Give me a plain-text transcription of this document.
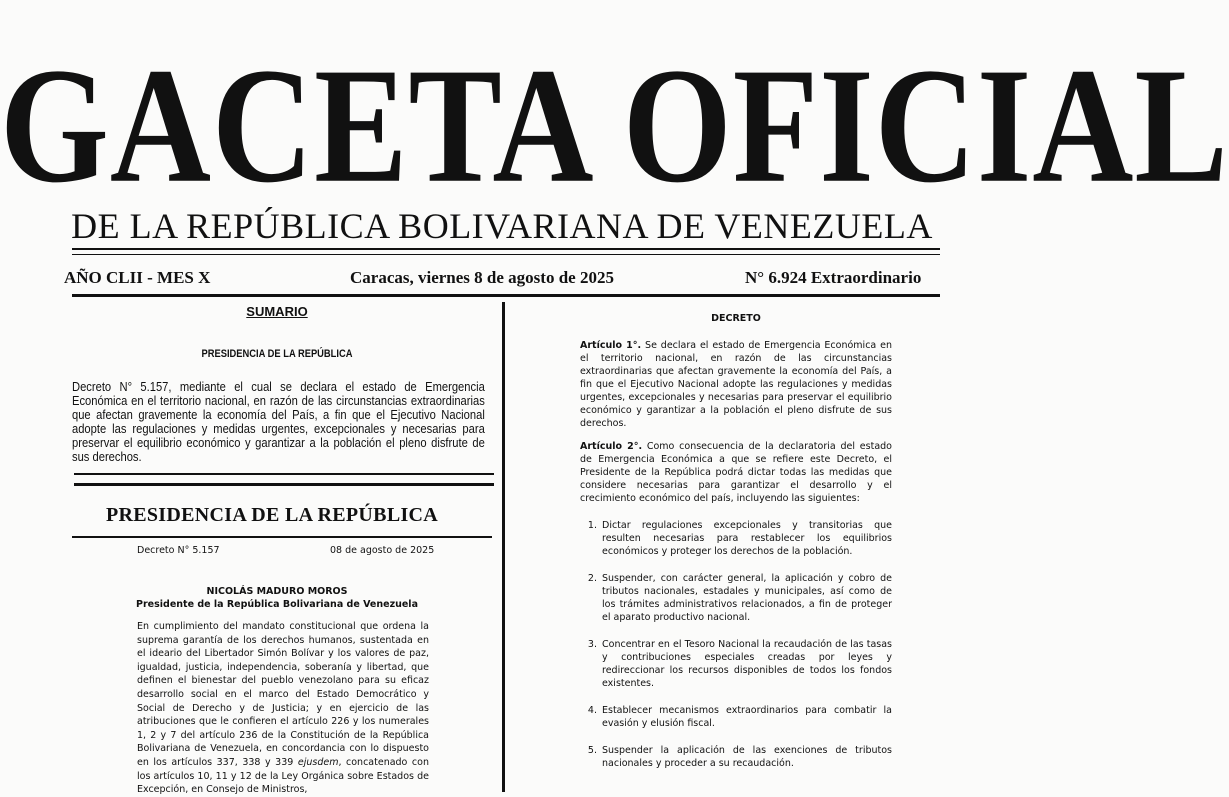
GACETA OFICIAL
DE LA REPÚBLICA BOLIVARIANA DE VENEZUELA
AÑO CLII - MES X	Caracas, viernes 8 de agosto de 2025	N° 6.924 Extraordinario
SUMARIO
PRESIDENCIA DE LA REPÚBLICA
Decreto N° 5.157, mediante el cual se declara el estado de Emergencia Económica en el territorio nacional, en razón de las circunstancias extraordinarias que afectan gravemente la economía del País, a fin que el Ejecutivo Nacional adopte las regulaciones y medidas urgentes, excepcionales y necesarias para preservar el equilibrio económico y garantizar a la población el pleno disfrute de sus derechos.
PRESIDENCIA DE LA REPÚBLICA
Decreto N° 5.157	08 de agosto de 2025
NICOLÁS MADURO MOROS
Presidente de la República Bolivariana de Venezuela
En cumplimiento del mandato constitucional que ordena la suprema garantía de los derechos humanos, sustentada en el ideario del Libertador Simón Bolívar y los valores de paz, igualdad, justicia, independencia, soberanía y libertad, que definen el bienestar del pueblo venezolano para su eficaz desarrollo social en el marco del Estado Democrático y Social de Derecho y de Justicia; y en ejercicio de las atribuciones que le confieren el artículo 226 y los numerales 1, 2 y 7 del artículo 236 de la Constitución de la República Bolivariana de Venezuela, en concordancia con lo dispuesto en los artículos 337, 338 y 339 ejusdem, concatenado con los artículos 10, 11 y 12 de la Ley Orgánica sobre Estados de Excepción, en Consejo de Ministros,
DECRETO

Artículo 1°. Se declara el estado de Emergencia Económica en el territorio nacional, en razón de las circunstancias extraordinarias que afectan gravemente la economía del País, a fin que el Ejecutivo Nacional adopte las regulaciones y medidas urgentes, excepcionales y necesarias para preservar el equilibrio económico y garantizar a la población el pleno disfrute de sus derechos.

Artículo 2°. Como consecuencia de la declaratoria del estado de Emergencia Económica a que se refiere este Decreto, el Presidente de la República podrá dictar todas las medidas que considere necesarias para garantizar el desarrollo y el crecimiento económico del país, incluyendo las siguientes:

1. Dictar regulaciones excepcionales y transitorias que resulten necesarias para restablecer los equilibrios económicos y proteger los derechos de la población.
2. Suspender, con carácter general, la aplicación y cobro de tributos nacionales, estadales y municipales, así como de los trámites administrativos relacionados, a fin de proteger el aparato productivo nacional.
3. Concentrar en el Tesoro Nacional la recaudación de las tasas y contribuciones especiales creadas por leyes y redireccionar los recursos disponibles de todos los fondos existentes.
4. Establecer mecanismos extraordinarios para combatir la evasión y elusión fiscal.
5. Suspender la aplicación de las exenciones de tributos nacionales y proceder a su recaudación.
